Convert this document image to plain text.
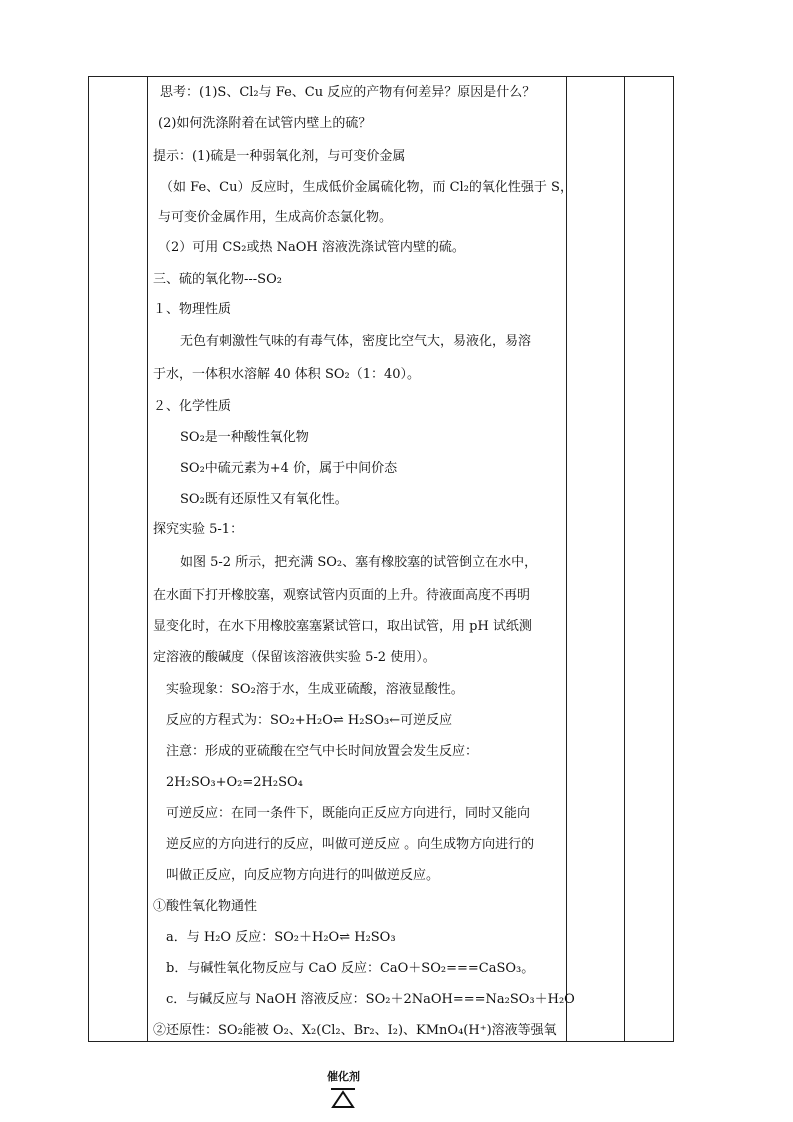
思考：(1)S、Cl₂与 Fe、Cu 反应的产物有何差异？原因是什么？
(2)如何洗涤附着在试管内壁上的硫？
提示：(1)硫是一种弱氧化剂，与可变价金属
（如 Fe、Cu）反应时，生成低价金属硫化物，而 Cl₂的氧化性强于 S，
与可变价金属作用，生成高价态氯化物。
（2）可用 CS₂或热 NaOH 溶液洗涤试管内壁的硫。
三、硫的氧化物---SO₂
１、物理性质
无色有刺激性气味的有毒气体，密度比空气大，易液化，易溶
于水，一体积水溶解 40 体积 SO₂（1：40）。
２、化学性质
SO₂是一种酸性氧化物
SO₂中硫元素为+4 价，属于中间价态
SO₂既有还原性又有氧化性。
探究实验 5-1：
如图 5-2 所示，把充满 SO₂、塞有橡胶塞的试管倒立在水中，
在水面下打开橡胶塞，观察试管内页面的上升。待液面高度不再明
显变化时，在水下用橡胶塞塞紧试管口，取出试管，用 pH 试纸测
定溶液的酸碱度（保留该溶液供实验 5-2 使用）。
实验现象：SO₂溶于水，生成亚硫酸，溶液显酸性。
反应的方程式为：SO₂+H₂O⇌ H₂SO₃←可逆反应
注意：形成的亚硫酸在空气中长时间放置会发生反应：
2H₂SO₃+O₂=2H₂SO₄
可逆反应：在同一条件下，既能向正反应方向进行，同时又能向
逆反应的方向进行的反应，叫做可逆反应 。向生成物方向进行的
叫做正反应，向反应物方向进行的叫做逆反应。
①酸性氧化物通性
a．与 H₂O 反应：SO₂＋H₂O⇌ H₂SO₃
b．与碱性氧化物反应与 CaO 反应：CaO＋SO₂===CaSO₃。
c．与碱反应与 NaOH 溶液反应：SO₂＋2NaOH===Na₂SO₃＋H₂O
②还原性：SO₂能被 O₂、X₂(Cl₂、Br₂、I₂)、KMnO₄(H⁺)溶液等强氧
催化剂
